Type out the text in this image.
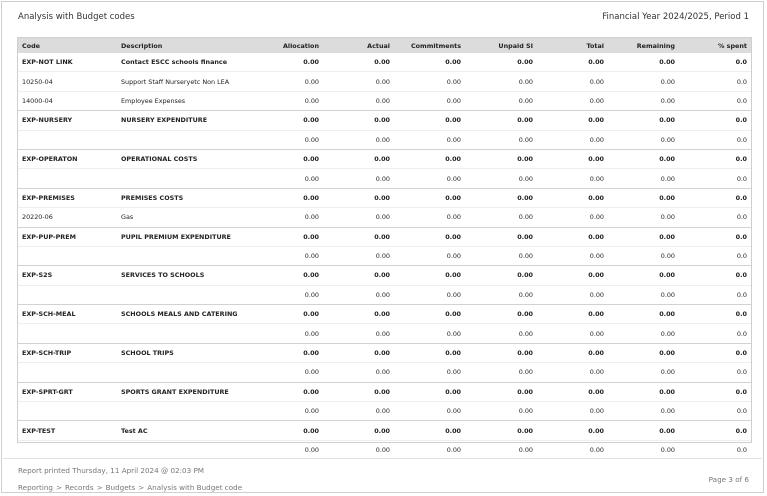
Analysis with Budget codes	Financial Year 2024/2025, Period 1
Code	Description	Allocation	Actual	Commitments	Unpaid SI	Total	Remaining	% spent
EXP-NOT LINK	Contact ESCC schools finance	0.00	0.00	0.00	0.00	0.00	0.00	0.0
10250-04	Support Staff Nurseryetc Non LEA	0.00	0.00	0.00	0.00	0.00	0.00	0.0
14000-04	Employee Expenses	0.00	0.00	0.00	0.00	0.00	0.00	0.0
EXP-NURSERY	NURSERY EXPENDITURE	0.00	0.00	0.00	0.00	0.00	0.00	0.0
		0.00	0.00	0.00	0.00	0.00	0.00	0.0
EXP-OPERATON	OPERATIONAL COSTS	0.00	0.00	0.00	0.00	0.00	0.00	0.0
		0.00	0.00	0.00	0.00	0.00	0.00	0.0
EXP-PREMISES	PREMISES COSTS	0.00	0.00	0.00	0.00	0.00	0.00	0.0
20220-06	Gas	0.00	0.00	0.00	0.00	0.00	0.00	0.0
EXP-PUP-PREM	PUPIL PREMIUM EXPENDITURE	0.00	0.00	0.00	0.00	0.00	0.00	0.0
		0.00	0.00	0.00	0.00	0.00	0.00	0.0
EXP-S2S	SERVICES TO SCHOOLS	0.00	0.00	0.00	0.00	0.00	0.00	0.0
		0.00	0.00	0.00	0.00	0.00	0.00	0.0
EXP-SCH-MEAL	SCHOOLS MEALS AND CATERING	0.00	0.00	0.00	0.00	0.00	0.00	0.0
		0.00	0.00	0.00	0.00	0.00	0.00	0.0
EXP-SCH-TRIP	SCHOOL TRIPS	0.00	0.00	0.00	0.00	0.00	0.00	0.0
		0.00	0.00	0.00	0.00	0.00	0.00	0.0
EXP-SPRT-GRT	SPORTS GRANT EXPENDITURE	0.00	0.00	0.00	0.00	0.00	0.00	0.0
		0.00	0.00	0.00	0.00	0.00	0.00	0.0
EXP-TEST	Test AC	0.00	0.00	0.00	0.00	0.00	0.00	0.0
		0.00	0.00	0.00	0.00	0.00	0.00	0.0
Report printed Thursday, 11 April 2024 @ 02:03 PM
Reporting > Records > Budgets > Analysis with Budget code
Page 3 of 6
